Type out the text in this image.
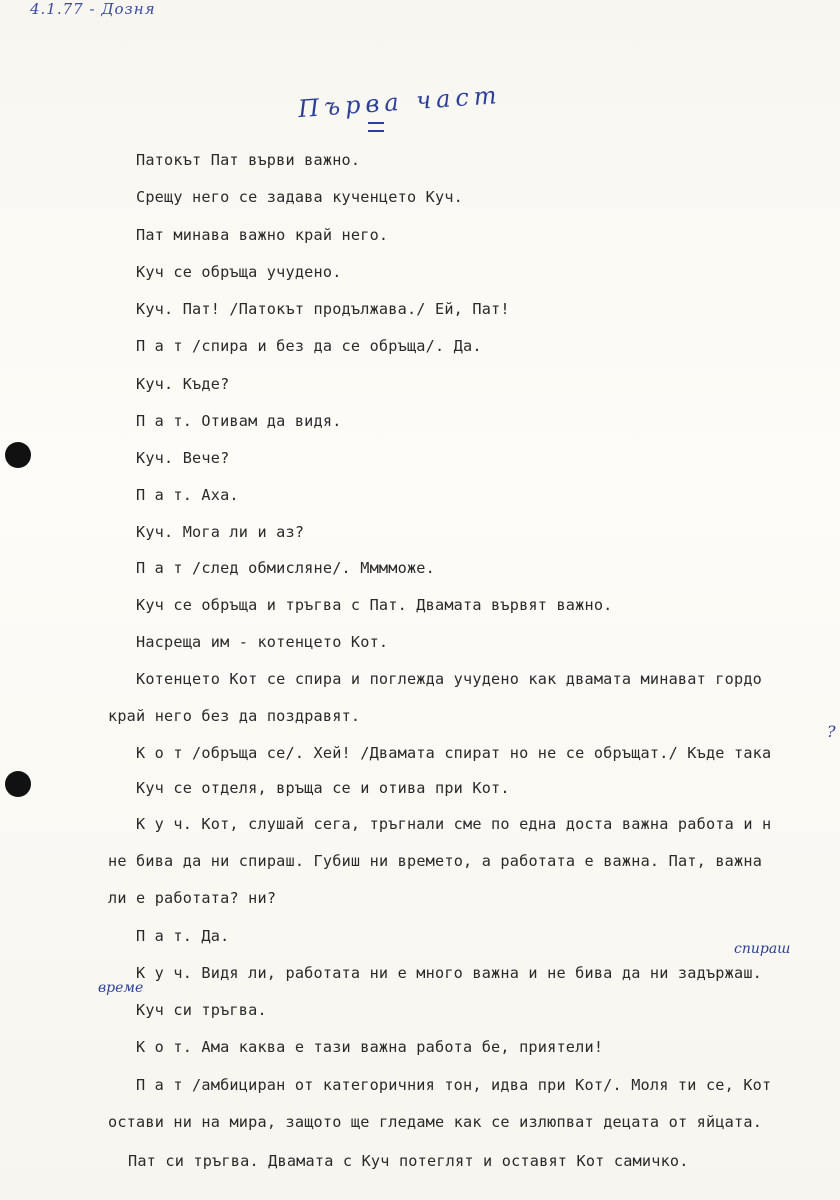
4.1.77 - Дозня
Първа част
Патокът Пат върви важно.
Срещу него се задава кученцето Куч.
Пат минава важно край него.
Куч се обръща учудено.
Куч. Пат! /Патокът продължава./ Ей, Пат!
П а т /спира и без да се обръща/. Да.
Куч. Къде?
П а т. Отивам да видя.
Куч. Вече?
П а т. Аха.
Куч. Мога ли и аз?
П а т /след обмисляне/. Мммможе.
Куч се обръща и тръгва с Пат. Двамата вървят важно.
Насреща им - котенцето Кот.
Котенцето Кот се спира и поглежда учудено как двамата минават гордо
край него без да поздравят.
К о т /обръща се/. Хей! /Двамата спират но не се обръщат./ Къде така
Куч се отделя, връща се и отива при Кот.
К у ч. Кот, слушай сега, тръгнали сме по една доста важна работа и н
не бива да ни спираш. Губиш ни времето, а работата е важна. Пат, важна
ли е работата? ни?
П а т. Да.
К у ч. Видя ли, работата ни е много важна и не бива да ни задържаш.
Куч си тръгва.
К о т. Ама каква е тази важна работа бе, приятели!
П а т /амбициран от категоричния тон, идва при Кот/. Моля ти се, Кот
остави ни на мира, защото ще гледаме как се излюпват децата от яйцата.
Пат си тръгва. Двамата с Куч потеглят и оставят Кот самичко.
време
спираш
?
